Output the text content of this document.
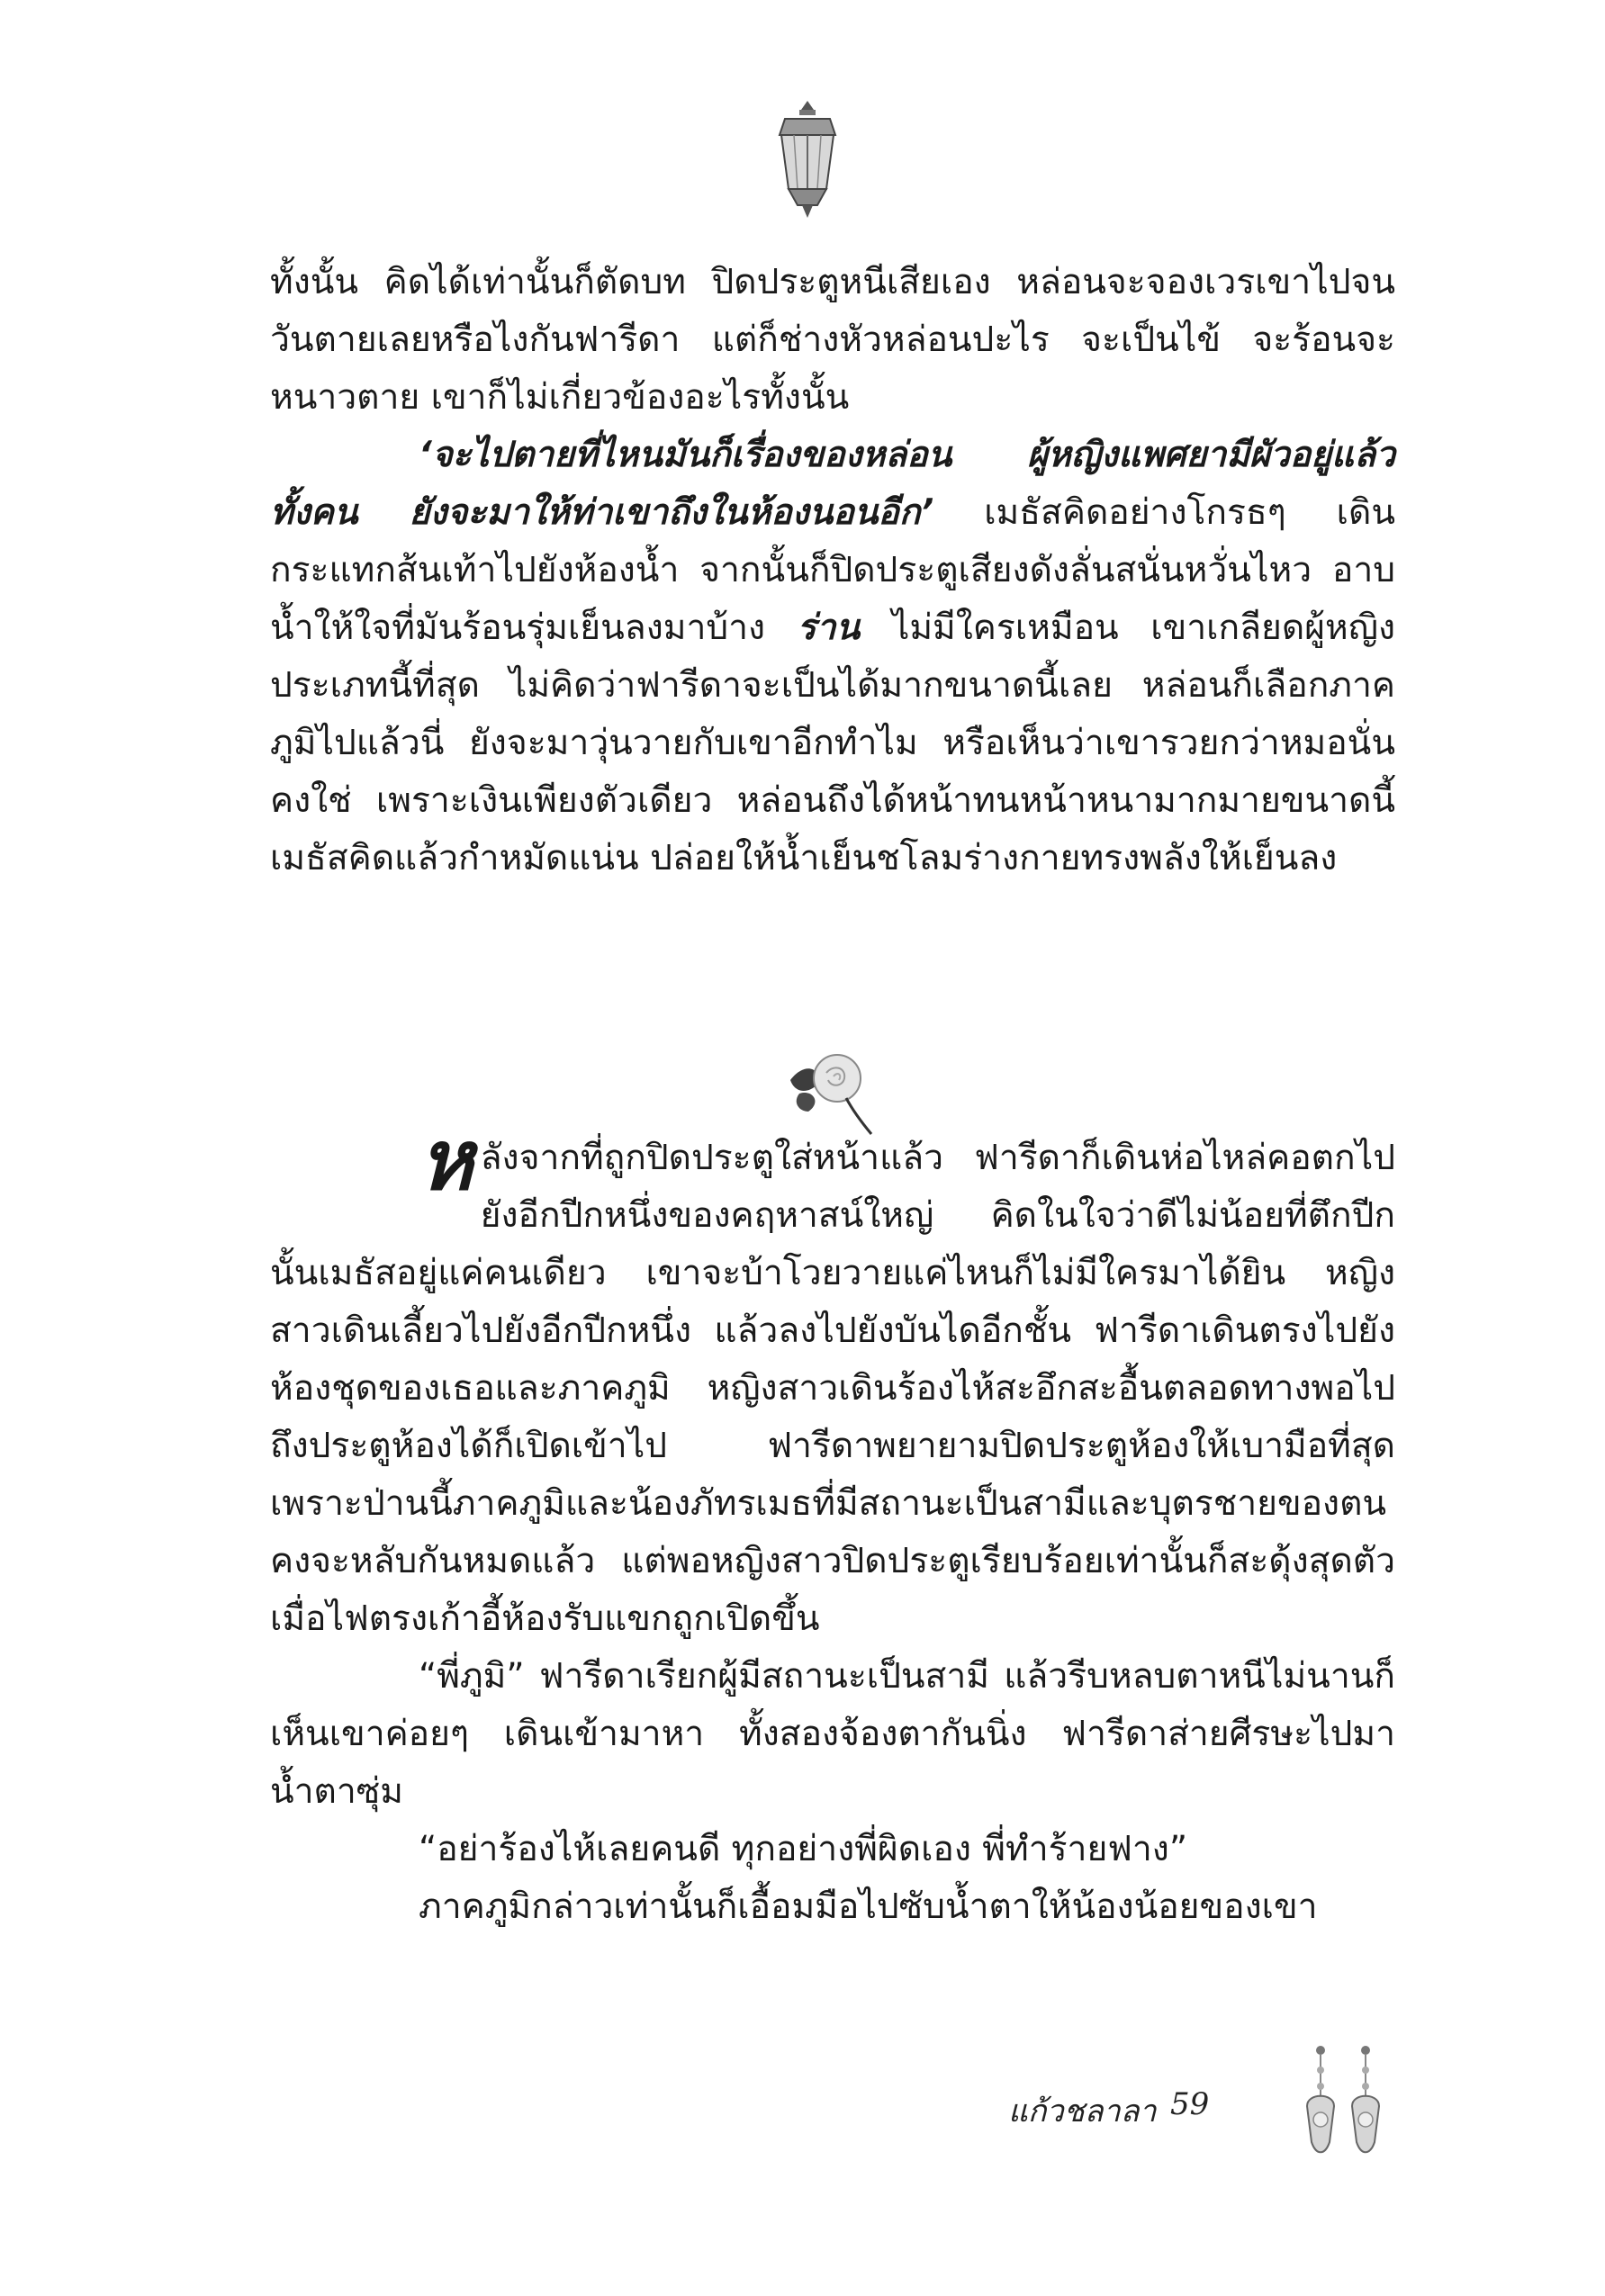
ทั้งนั้น คิดได้เท่านั้นก็ตัดบท ปิดประตูหนีเสียเอง หล่อนจะจองเวรเขาไปจนวันตายเลยหรือไงกันฟารีดา แต่ก็ช่างหัวหล่อนปะไร จะเป็นไข้ จะร้อนจะหนาวตาย เขาก็ไม่เกี่ยวข้องอะไรทั้งนั้น

‘จะไปตายที่ไหนมันก็เรื่องของหล่อน ผู้หญิงแพศยามีผัวอยู่แล้วทั้งคน ยังจะมาให้ท่าเขาถึงในห้องนอนอีก’ เมธัสคิดอย่างโกรธๆ เดินกระแทกส้นเท้าไปยังห้องน้ำ จากนั้นก็ปิดประตูเสียงดังลั่นสนั่นหวั่นไหว อาบน้ำให้ใจที่มันร้อนรุ่มเย็นลงมาบ้าง ร่าน ไม่มีใครเหมือน เขาเกลียดผู้หญิงประเภทนี้ที่สุด ไม่คิดว่าฟารีดาจะเป็นได้มากขนาดนี้เลย หล่อนก็เลือกภาคภูมิไปแล้วนี่ ยังจะมาวุ่นวายกับเขาอีกทำไม หรือเห็นว่าเขารวยกว่าหมอนั่น คงใช่ เพราะเงินเพียงตัวเดียว หล่อนถึงได้หน้าทนหน้าหนามากมายขนาดนี้ เมธัสคิดแล้วกำหมัดแน่น ปล่อยให้น้ำเย็นชโลมร่างกายทรงพลังให้เย็นลง

หลังจากที่ถูกปิดประตูใส่หน้าแล้ว ฟารีดาก็เดินห่อไหล่คอตกไปยังอีกปีกหนึ่งของคฤหาสน์ใหญ่ คิดในใจว่าดีไม่น้อยที่ตึกปีกนั้นเมธัสอยู่แค่คนเดียว เขาจะบ้าโวยวายแค่ไหนก็ไม่มีใครมาได้ยิน หญิงสาวเดินเลี้ยวไปยังอีกปีกหนึ่ง แล้วลงไปยังบันไดอีกชั้น ฟารีดาเดินตรงไปยังห้องชุดของเธอและภาคภูมิ หญิงสาวเดินร้องไห้สะอึกสะอื้นตลอดทางพอไปถึงประตูห้องได้ก็เปิดเข้าไป ฟารีดาพยายามปิดประตูห้องให้เบามือที่สุด เพราะป่านนี้ภาคภูมิและน้องภัทรเมธที่มีสถานะเป็นสามีและบุตรชายของตนคงจะหลับกันหมดแล้ว แต่พอหญิงสาวปิดประตูเรียบร้อยเท่านั้นก็สะดุ้งสุดตัวเมื่อไฟตรงเก้าอี้ห้องรับแขกถูกเปิดขึ้น

“พี่ภูมิ” ฟารีดาเรียกผู้มีสถานะเป็นสามี แล้วรีบหลบตาหนีไม่นานก็เห็นเขาค่อยๆ เดินเข้ามาหา ทั้งสองจ้องตากันนิ่ง ฟารีดาส่ายศีรษะไปมาน้ำตาซุ่ม

“อย่าร้องไห้เลยคนดี ทุกอย่างพี่ผิดเอง พี่ทำร้ายฟาง”

ภาคภูมิกล่าวเท่านั้นก็เอื้อมมือไปซับน้ำตาให้น้องน้อยของเขา

แก้วชลาลา 59
